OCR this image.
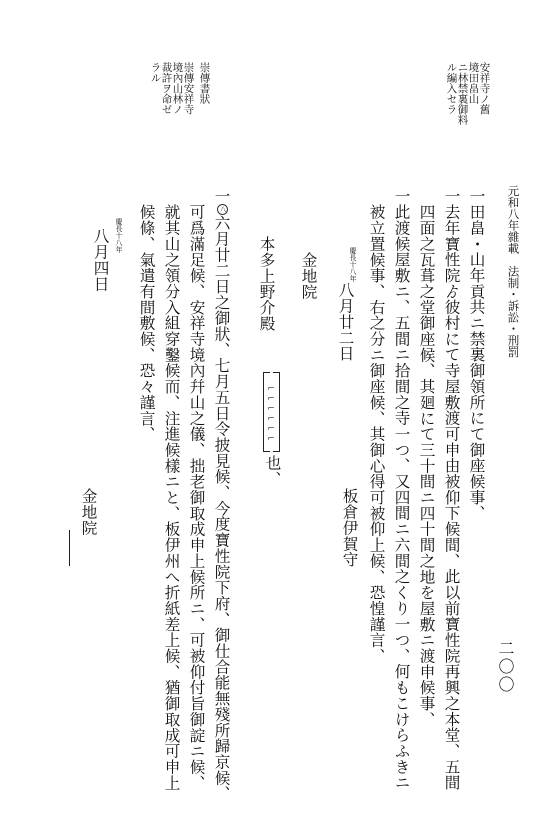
元和八年雜載　法制・訴訟・刑罰
二〇〇
安祥寺ノ舊
境田畠山
ニ林禁裏御料
ル編入セラ
崇傳書狀
崇傳安祥寺
境內山林ノ
裁許ヲ命ゼ
ラル
一田畠・山年貢共ニ禁裏御領所にて御座候事、
一去年寶性院ゟ彼村にて寺屋敷渡可申由被仰下候間、此以前寶性院再興之本堂、五間
四面之瓦葺之堂御座候、其廻にて三十間ニ四十間之地を屋敷ニ渡申候事、
一此渡候屋敷ニ、五間ニ拾間之寺一つ、又四間ニ六間之くり一つ、何もこけらふきニ
被立置候事、右之分ニ御座候、其御心得可被仰上候、恐惶謹言、
慶長十八年
八月廿二日
板倉伊賀守
金地院
本多上野介殿
⌐⌐⌐⌐⌐⌐
也、
一八六月廿二日之御狀、七月五日令披見候、今度寶性院下府、御仕合能無殘所歸京候、
可爲滿足候、安祥寺境內幷山之儀、拙老御取成申上候所ニ、可被仰付旨御諚ニ候、
就其山之領分入組穿鑿候而、注進候樣ニと、板伊州へ折紙差上候、猶御取成可申上
候條、氣遣有間敷候、恐々謹言、
慶長十八年
八月四日
金地院
